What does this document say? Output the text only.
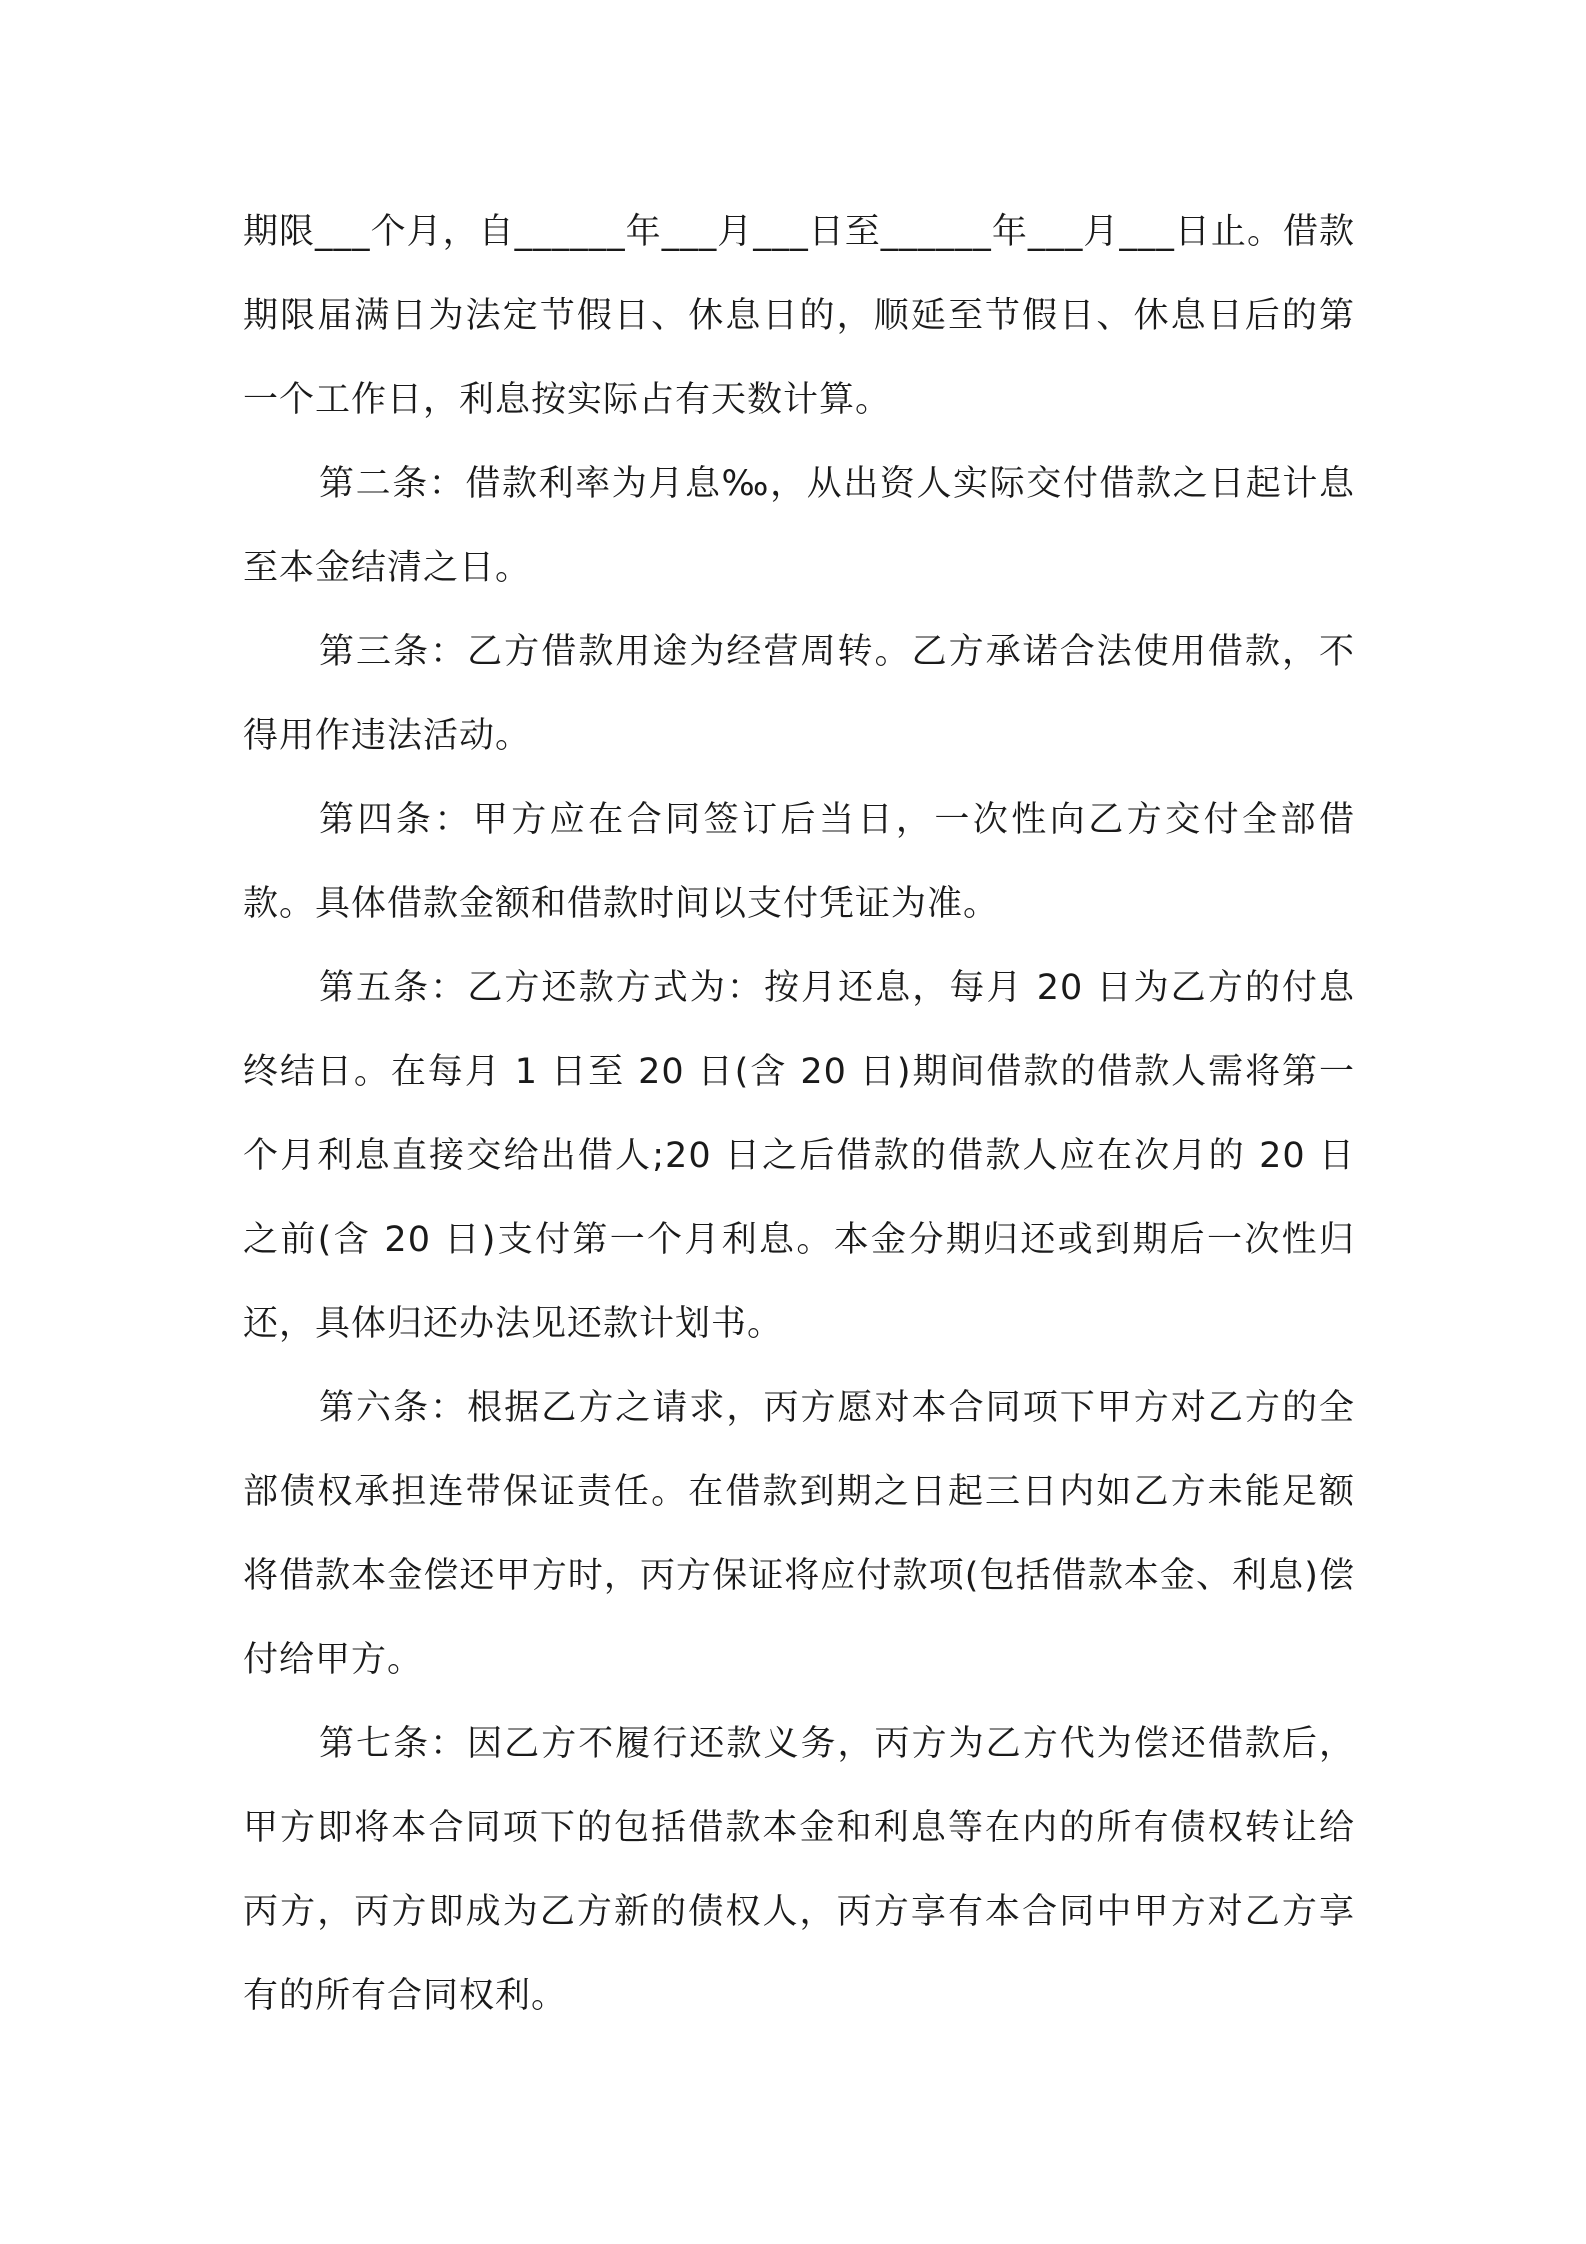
期限___个月，自______年___月___日至______年___月___日止。借款期限届满日为法定节假日、休息日的，顺延至节假日、休息日后的第一个工作日，利息按实际占有天数计算。

第二条：借款利率为月息‰，从出资人实际交付借款之日起计息至本金结清之日。

第三条：乙方借款用途为经营周转。乙方承诺合法使用借款，不得用作违法活动。

第四条：甲方应在合同签订后当日，一次性向乙方交付全部借款。具体借款金额和借款时间以支付凭证为准。

第五条：乙方还款方式为：按月还息，每月 20 日为乙方的付息终结日。在每月 1 日至 20 日(含 20 日)期间借款的借款人需将第一个月利息直接交给出借人;20 日之后借款的借款人应在次月的 20 日之前(含 20 日)支付第一个月利息。本金分期归还或到期后一次性归还，具体归还办法见还款计划书。

第六条：根据乙方之请求，丙方愿对本合同项下甲方对乙方的全部债权承担连带保证责任。在借款到期之日起三日内如乙方未能足额将借款本金偿还甲方时，丙方保证将应付款项(包括借款本金、利息)偿付给甲方。

第七条：因乙方不履行还款义务，丙方为乙方代为偿还借款后，甲方即将本合同项下的包括借款本金和利息等在内的所有债权转让给丙方，丙方即成为乙方新的债权人，丙方享有本合同中甲方对乙方享有的所有合同权利。
